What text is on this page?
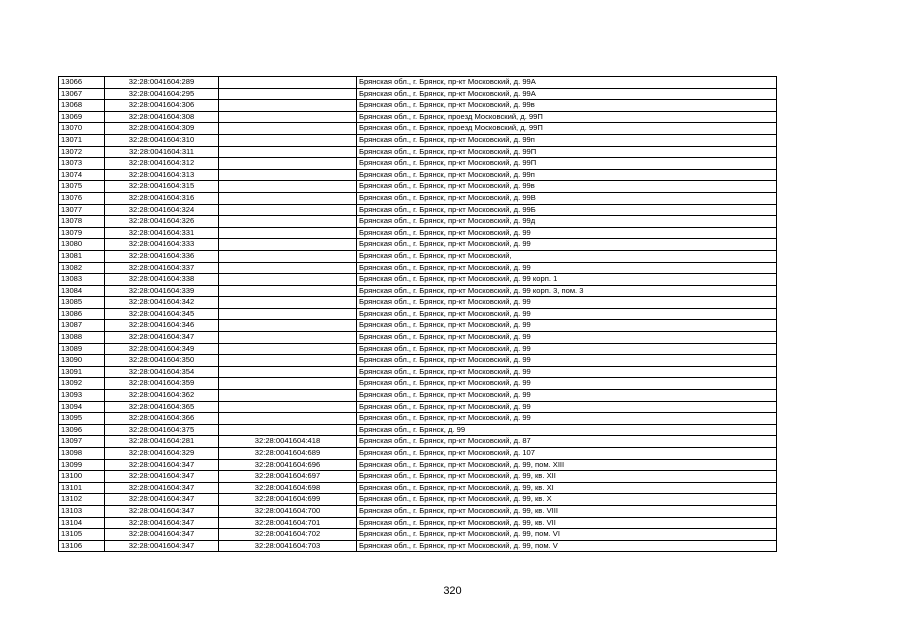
13066	32:28:0041604:289		Брянская обл., г. Брянск, пр-кт Московский, д. 99А
13067	32:28:0041604:295		Брянская обл., г. Брянск, пр-кт Московский, д. 99А
13068	32:28:0041604:306		Брянская обл., г. Брянск, пр-кт Московский, д. 99в
13069	32:28:0041604:308		Брянская обл., г. Брянск, проезд Московский, д. 99П
13070	32:28:0041604:309		Брянская обл., г. Брянск, проезд Московский, д. 99П
13071	32:28:0041604:310		Брянская обл., г. Брянск, пр-кт Московский, д. 99п
13072	32:28:0041604:311		Брянская обл., г. Брянск, пр-кт Московский, д. 99П
13073	32:28:0041604:312		Брянская обл., г. Брянск, пр-кт Московский, д. 99П
13074	32:28:0041604:313		Брянская обл., г. Брянск, пр-кт Московский, д. 99п
13075	32:28:0041604:315		Брянская обл., г. Брянск, пр-кт Московский, д. 99в
13076	32:28:0041604:316		Брянская обл., г. Брянск, пр-кт Московский, д. 99В
13077	32:28:0041604:324		Брянская обл., г. Брянск, пр-кт Московский, д. 99Б
13078	32:28:0041604:326		Брянская обл., г. Брянск, пр-кт Московский, д. 99д
13079	32:28:0041604:331		Брянская обл., г. Брянск, пр-кт Московский, д. 99
13080	32:28:0041604:333		Брянская обл., г. Брянск, пр-кт Московский, д. 99
13081	32:28:0041604:336		Брянская обл., г. Брянск, пр-кт Московский,
13082	32:28:0041604:337		Брянская обл., г. Брянск, пр-кт Московский, д. 99
13083	32:28:0041604:338		Брянская обл., г. Брянск, пр-кт Московский, д. 99 корп. 1
13084	32:28:0041604:339		Брянская обл., г. Брянск, пр-кт Московский, д. 99 корп. 3, пом. 3
13085	32:28:0041604:342		Брянская обл., г. Брянск, пр-кт Московский, д. 99
13086	32:28:0041604:345		Брянская обл., г. Брянск, пр-кт Московский, д. 99
13087	32:28:0041604:346		Брянская обл., г. Брянск, пр-кт Московский, д. 99
13088	32:28:0041604:347		Брянская обл., г. Брянск, пр-кт Московский, д. 99
13089	32:28:0041604:349		Брянская обл., г. Брянск, пр-кт Московский, д. 99
13090	32:28:0041604:350		Брянская обл., г. Брянск, пр-кт Московский, д. 99
13091	32:28:0041604:354		Брянская обл., г. Брянск, пр-кт Московский, д. 99
13092	32:28:0041604:359		Брянская обл., г. Брянск, пр-кт Московский, д. 99
13093	32:28:0041604:362		Брянская обл., г. Брянск, пр-кт Московский, д. 99
13094	32:28:0041604:365		Брянская обл., г. Брянск, пр-кт Московский, д. 99
13095	32:28:0041604:366		Брянская обл., г. Брянск, пр-кт Московский, д. 99
13096	32:28:0041604:375		Брянская обл., г. Брянск, д. 99
13097	32:28:0041604:281	32:28:0041604:418	Брянская обл., г. Брянск, пр-кт Московский, д. 87
13098	32:28:0041604:329	32:28:0041604:689	Брянская обл., г. Брянск, пр-кт Московский, д. 107
13099	32:28:0041604:347	32:28:0041604:696	Брянская обл., г. Брянск, пр-кт Московский, д. 99, пом. XIII
13100	32:28:0041604:347	32:28:0041604:697	Брянская обл., г. Брянск, пр-кт Московский, д. 99, кв. XII
13101	32:28:0041604:347	32:28:0041604:698	Брянская обл., г. Брянск, пр-кт Московский, д. 99, кв. XI
13102	32:28:0041604:347	32:28:0041604:699	Брянская обл., г. Брянск, пр-кт Московский, д. 99, кв. X
13103	32:28:0041604:347	32:28:0041604:700	Брянская обл., г. Брянск, пр-кт Московский, д. 99, кв. VIII
13104	32:28:0041604:347	32:28:0041604:701	Брянская обл., г. Брянск, пр-кт Московский, д. 99, кв. VII
13105	32:28:0041604:347	32:28:0041604:702	Брянская обл., г. Брянск, пр-кт Московский, д. 99, пом. VI
13106	32:28:0041604:347	32:28:0041604:703	Брянская обл., г. Брянск, пр-кт Московский, д. 99, пом. V
320
